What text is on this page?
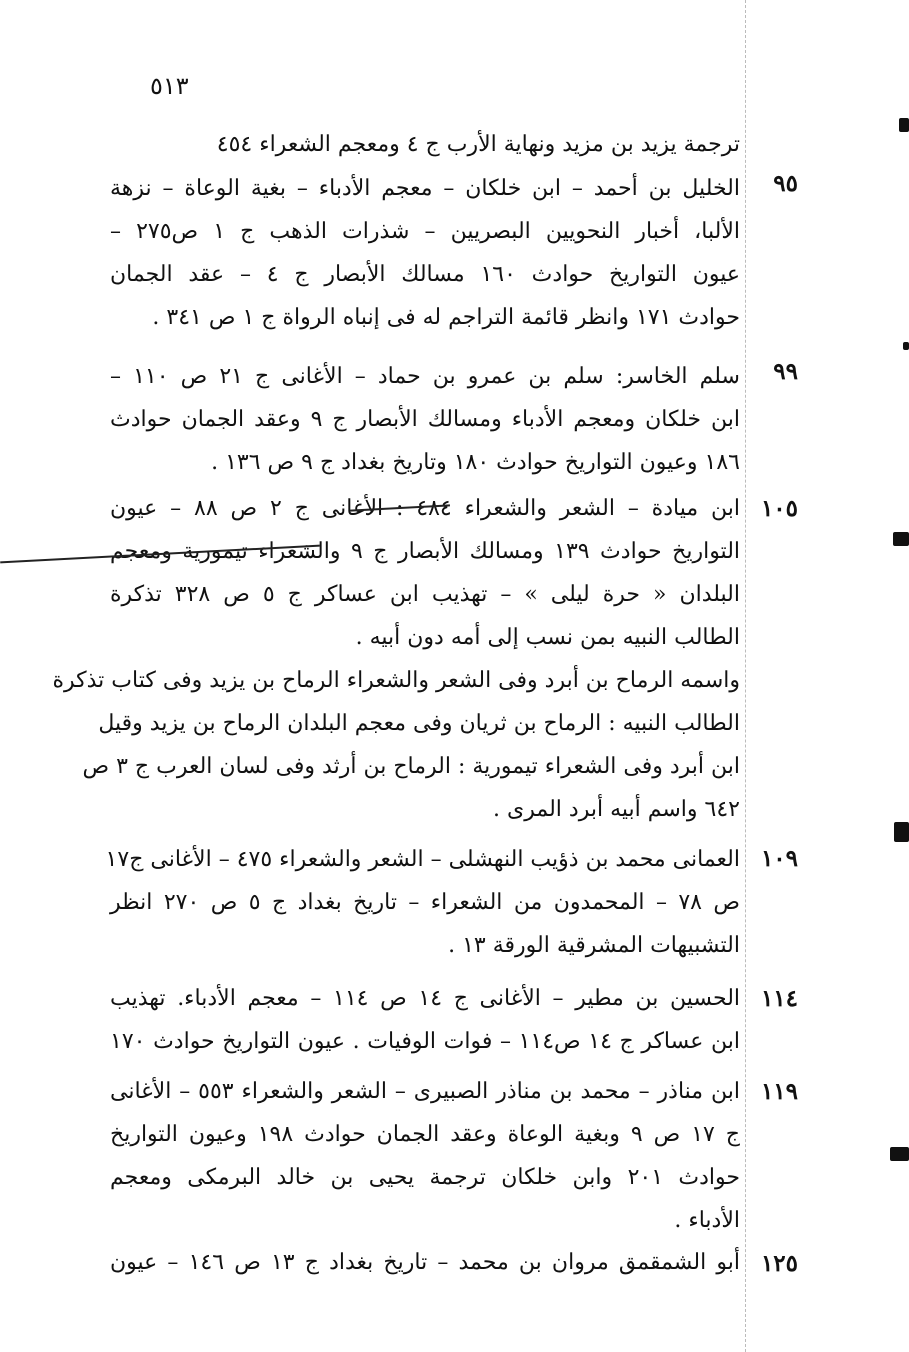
٥١٣
ترجمة يزيد بن مزيد ونهاية الأرب ج ٤ ومعجم الشعراء ٤٥٤
٩٥
الخليل بن أحمد – ابن خلكان – معجم الأدباء – بغية الوعاة – نزهة
الألبا، أخبار النحويين البصريين – شذرات الذهب ج ١ ص٢٧٥ –
عيون التواريخ حوادث ١٦٠ مسالك الأبصار ج ٤ – عقد الجمان
حوادث ١٧١ وانظر قائمة التراجم له فى إنباه الرواة ج ١ ص ٣٤١ .
٩٩
سلم الخاسر: سلم بن عمرو بن حماد – الأغانى ج ٢١ ص ١١٠ –
ابن خلكان ومعجم الأدباء ومسالك الأبصار ج ٩ وعقد الجمان حوادث
١٨٦ وعيون التواريخ حوادث ١٨٠ وتاريخ بغداد ج ٩ ص ١٣٦ .
١٠٥
ابن ميادة – الشعر والشعراء ٤٨٤ : الأغانى ج ٢ ص ٨٨ – عيون
التواريخ حوادث ١٣٩ ومسالك الأبصار ج ٩ والشعراء تيمورية ومعجم
البلدان « حرة ليلى » – تهذيب ابن عساكر ج ٥ ص ٣٢٨ تذكرة
الطالب النبيه بمن نسب إلى أمه دون أبيه .
واسمه الرماح بن أبرد وفى الشعر والشعراء الرماح بن يزيد وفى كتاب تذكرة
الطالب النبيه : الرماح بن ثريان وفى معجم البلدان الرماح بن يزيد وقيل
ابن أبرد وفى الشعراء تيمورية : الرماح بن أرثد وفى لسان العرب ج ٣ ص
٦٤٢ واسم أبيه أبرد المرى .
١٠٩
العمانى محمد بن ذؤيب النهشلى – الشعر والشعراء ٤٧٥ – الأغانى ج١٧
ص ٧٨ – المحمدون من الشعراء – تاريخ بغداد ج ٥ ص ٢٧٠ انظر
التشبيهات المشرقية الورقة ١٣ .
١١٤
الحسين بن مطير – الأغانى ج ١٤ ص ١١٤ – معجم الأدباء. تهذيب
ابن عساكر ج ١٤ ص١١٤ – فوات الوفيات . عيون التواريخ حوادث ١٧٠
١١٩
ابن مناذر – محمد بن مناذر الصبيرى – الشعر والشعراء ٥٥٣ – الأغانى
ج ١٧ ص ٩ وبغية الوعاة وعقد الجمان حوادث ١٩٨ وعيون التواريخ
حوادث ٢٠١ وابن خلكان ترجمة يحيى بن خالد البرمكى ومعجم
الأدباء .
١٢٥
أبو الشمقمق مروان بن محمد – تاريخ بغداد ج ١٣ ص ١٤٦ – عيون
